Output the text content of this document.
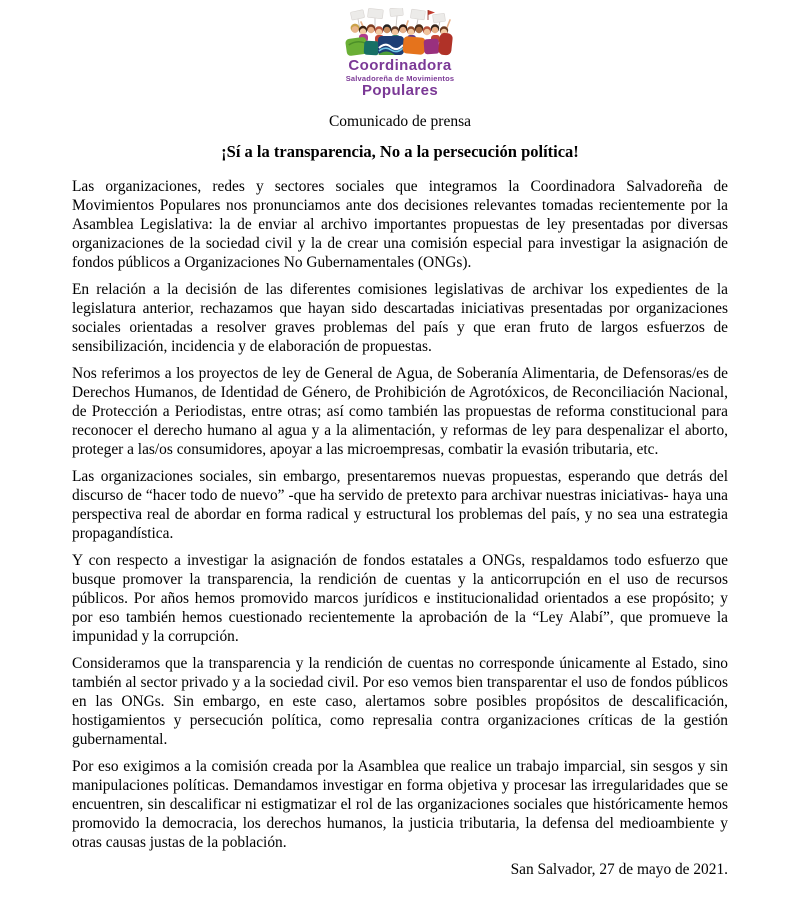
Coordinadora
Salvadoreña de Movimientos
Populares

Comunicado de prensa

¡Sí a la transparencia, No a la persecución política!

Las organizaciones, redes y sectores sociales que integramos la Coordinadora Salvadoreña de Movimientos Populares nos pronunciamos ante dos decisiones relevantes tomadas recientemente por la Asamblea Legislativa: la de enviar al archivo importantes propuestas de ley presentadas por diversas organizaciones de la sociedad civil y la de crear una comisión especial para investigar la asignación de fondos públicos a Organizaciones No Gubernamentales (ONGs).

En relación a la decisión de las diferentes comisiones legislativas de archivar los expedientes de la legislatura anterior, rechazamos que hayan sido descartadas iniciativas presentadas por organizaciones sociales orientadas a resolver graves problemas del país y que eran fruto de largos esfuerzos de sensibilización, incidencia y de elaboración de propuestas.

Nos referimos a los proyectos de ley de General de Agua, de Soberanía Alimentaria, de Defensoras/es de Derechos Humanos, de Identidad de Género, de Prohibición de Agrotóxicos, de Reconciliación Nacional, de Protección a Periodistas, entre otras; así como también las propuestas de reforma constitucional para reconocer el derecho humano al agua y a la alimentación, y reformas de ley para despenalizar el aborto, proteger a las/os consumidores, apoyar a las microempresas, combatir la evasión tributaria, etc.

Las organizaciones sociales, sin embargo, presentaremos nuevas propuestas, esperando que detrás del discurso de “hacer todo de nuevo” -que ha servido de pretexto para archivar nuestras iniciativas- haya una perspectiva real de abordar en forma radical y estructural los problemas del país, y no sea una estrategia propagandística.

Y con respecto a investigar la asignación de fondos estatales a ONGs, respaldamos todo esfuerzo que busque promover la transparencia, la rendición de cuentas y la anticorrupción en el uso de recursos públicos. Por años hemos promovido marcos jurídicos e institucionalidad orientados a ese propósito; y por eso también hemos cuestionado recientemente la aprobación de la “Ley Alabí”, que promueve la impunidad y la corrupción.

Consideramos que la transparencia y la rendición de cuentas no corresponde únicamente al Estado, sino también al sector privado y a la sociedad civil. Por eso vemos bien transparentar el uso de fondos públicos en las ONGs. Sin embargo, en este caso, alertamos sobre posibles propósitos de descalificación, hostigamientos y persecución política, como represalia contra organizaciones críticas de la gestión gubernamental.

Por eso exigimos a la comisión creada por la Asamblea que realice un trabajo imparcial, sin sesgos y sin manipulaciones políticas. Demandamos investigar en forma objetiva y procesar las irregularidades que se encuentren, sin descalificar ni estigmatizar el rol de las organizaciones sociales que históricamente hemos promovido la democracia, los derechos humanos, la justicia tributaria, la defensa del medioambiente y otras causas justas de la población.

San Salvador, 27 de mayo de 2021.
